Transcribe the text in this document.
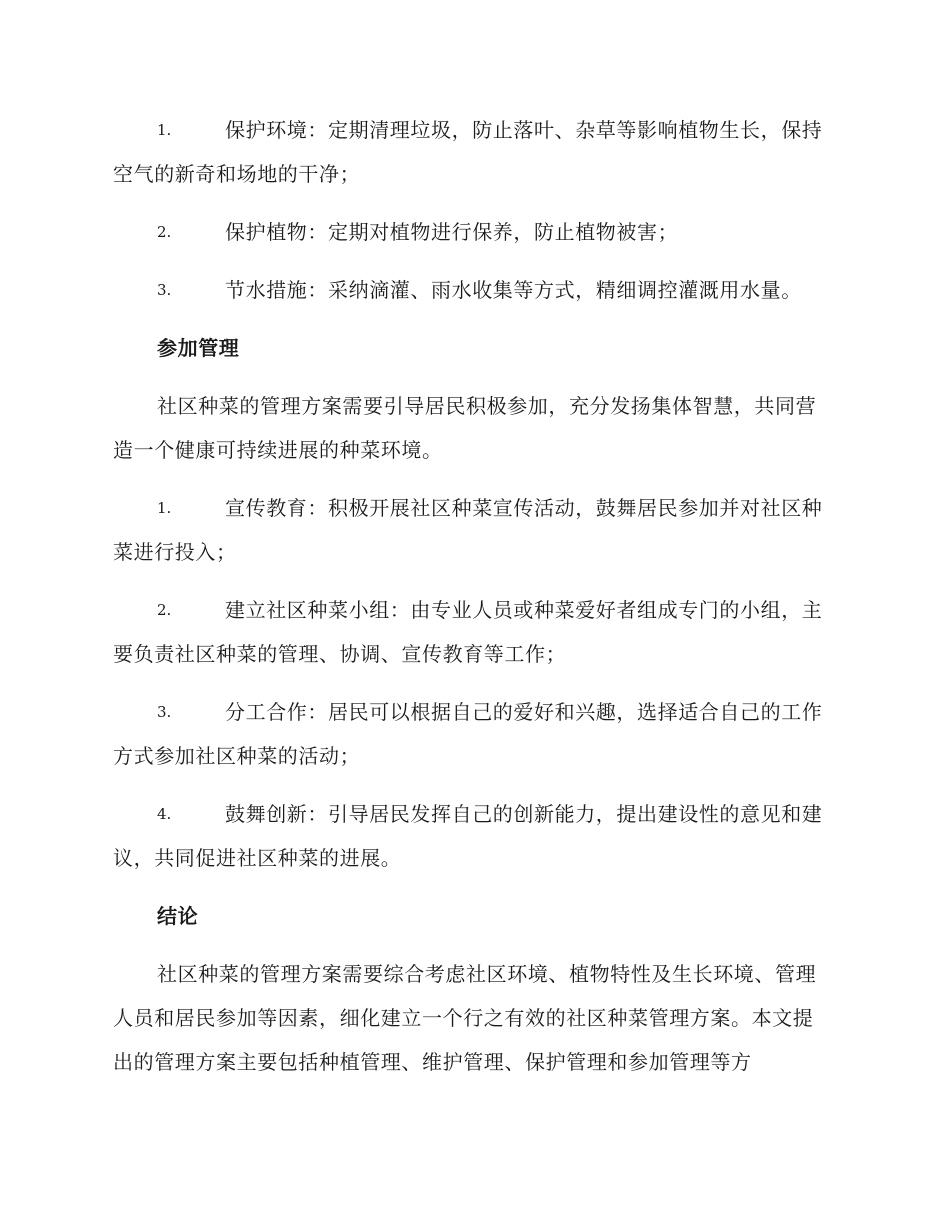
1.	保护环境：定期清理垃圾，防止落叶、杂草等影响植物生长，保持空气的新奇和场地的干净；

2.	保护植物：定期对植物进行保养，防止植物被害；

3.	节水措施：采纳滴灌、雨水收集等方式，精细调控灌溉用水量。

参加管理

社区种菜的管理方案需要引导居民积极参加，充分发扬集体智慧，共同营造一个健康可持续进展的种菜环境。

1.	宣传教育：积极开展社区种菜宣传活动，鼓舞居民参加并对社区种菜进行投入；

2.	建立社区种菜小组：由专业人员或种菜爱好者组成专门的小组，主要负责社区种菜的管理、协调、宣传教育等工作；

3.	分工合作：居民可以根据自己的爱好和兴趣，选择适合自己的工作方式参加社区种菜的活动；

4.	鼓舞创新：引导居民发挥自己的创新能力，提出建设性的意见和建议，共同促进社区种菜的进展。

结论

社区种菜的管理方案需要综合考虑社区环境、植物特性及生长环境、管理人员和居民参加等因素，细化建立一个行之有效的社区种菜管理方案。本文提出的管理方案主要包括种植管理、维护管理、保护管理和参加管理等方
